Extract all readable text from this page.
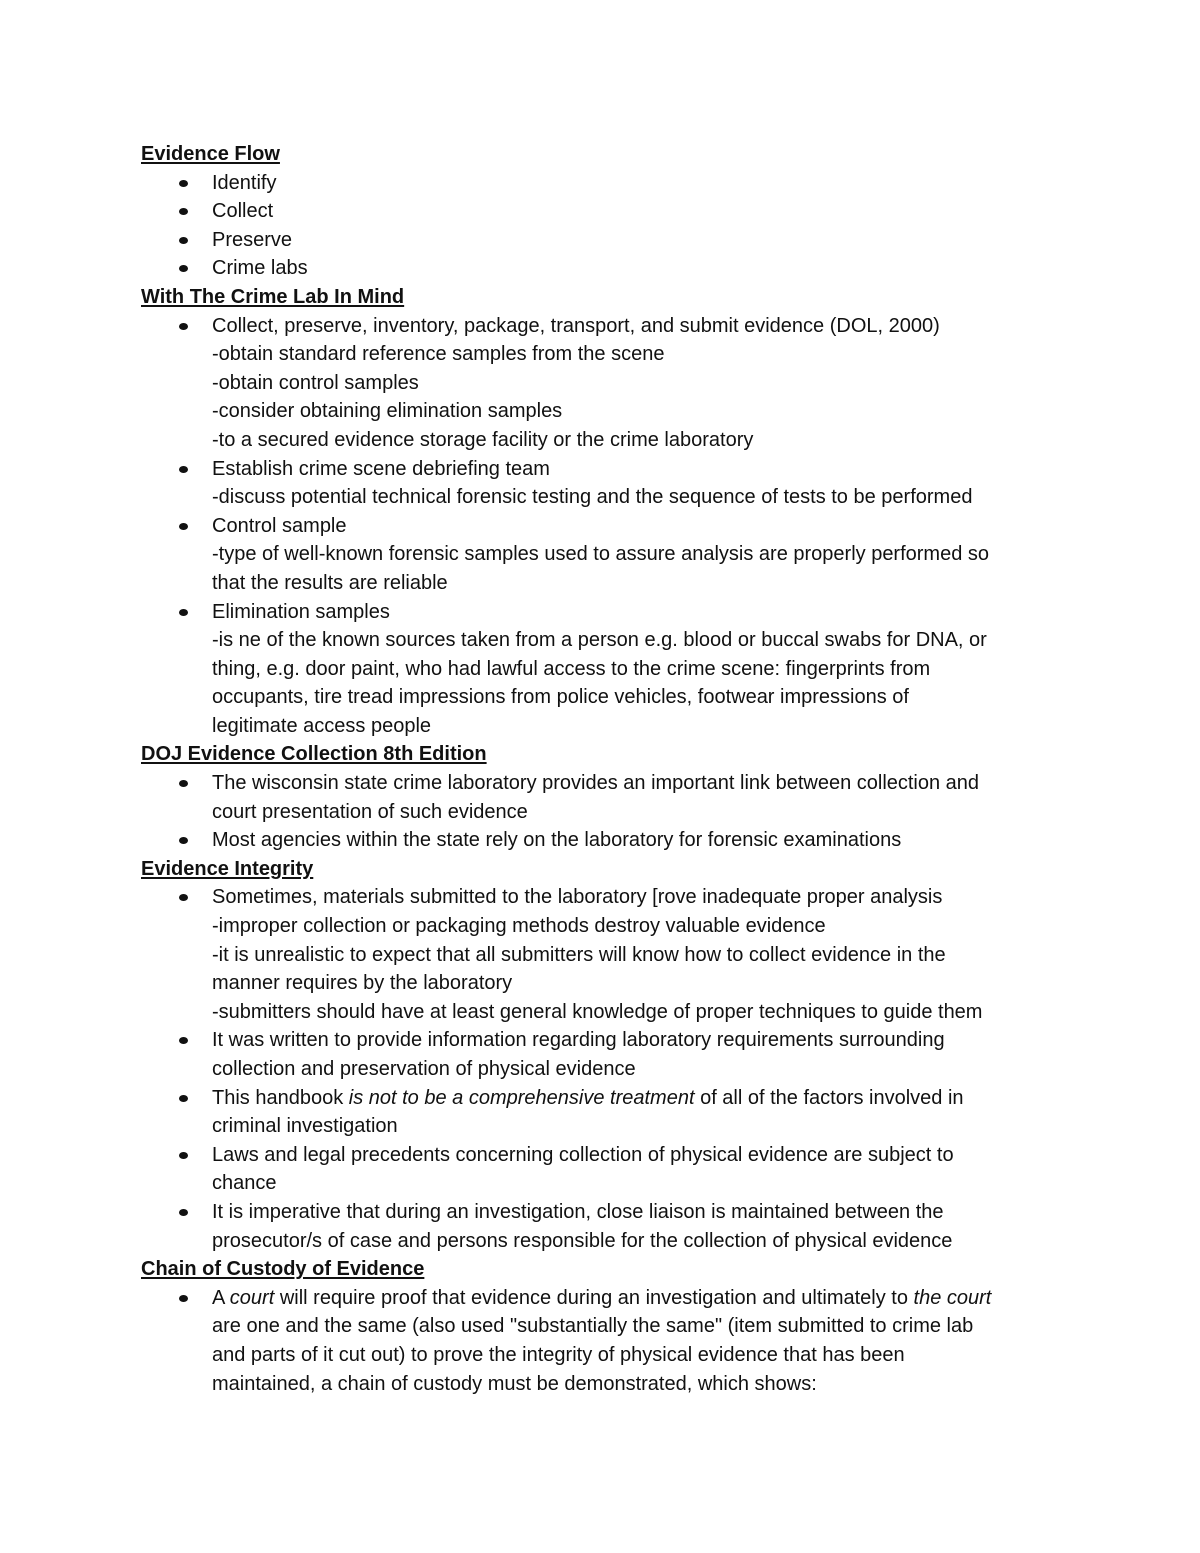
Evidence Flow
Identify
Collect
Preserve
Crime labs
With The Crime Lab In Mind
Collect, preserve, inventory, package, transport, and submit evidence (DOL, 2000)
-obtain standard reference samples from the scene
-obtain control samples
-consider obtaining elimination samples
-to a secured evidence storage facility or the crime laboratory
Establish crime scene debriefing team
-discuss potential technical forensic testing and the sequence of tests to be performed
Control sample
-type of well-known forensic samples used to assure analysis are properly performed so
that the results are reliable
Elimination samples
-is ne of the known sources taken from a person e.g. blood or buccal swabs for DNA, or
thing, e.g. door paint, who had lawful access to the crime scene: fingerprints from
occupants, tire tread impressions from police vehicles, footwear impressions of
legitimate access people
DOJ Evidence Collection 8th Edition
The wisconsin state crime laboratory provides an important link between collection and
court presentation of such evidence
Most agencies within the state rely on the laboratory for forensic examinations
Evidence Integrity
Sometimes, materials submitted to the laboratory [rove inadequate proper analysis
-improper collection or packaging methods destroy valuable evidence
-it is unrealistic to expect that all submitters will know how to collect evidence in the
manner requires by the laboratory
-submitters should have at least general knowledge of proper techniques to guide them
It was written to provide information regarding laboratory requirements surrounding
collection and preservation of physical evidence
This handbook is not to be a comprehensive treatment of all of the factors involved in
criminal investigation
Laws and legal precedents concerning collection of physical evidence are subject to
chance
It is imperative that during an investigation, close liaison is maintained between the
prosecutor/s of case and persons responsible for the collection of physical evidence
Chain of Custody of Evidence
A court will require proof that evidence during an investigation and ultimately to the court
are one and the same (also used "substantially the same" (item submitted to crime lab
and parts of it cut out) to prove the integrity of physical evidence that has been
maintained, a chain of custody must be demonstrated, which shows:
